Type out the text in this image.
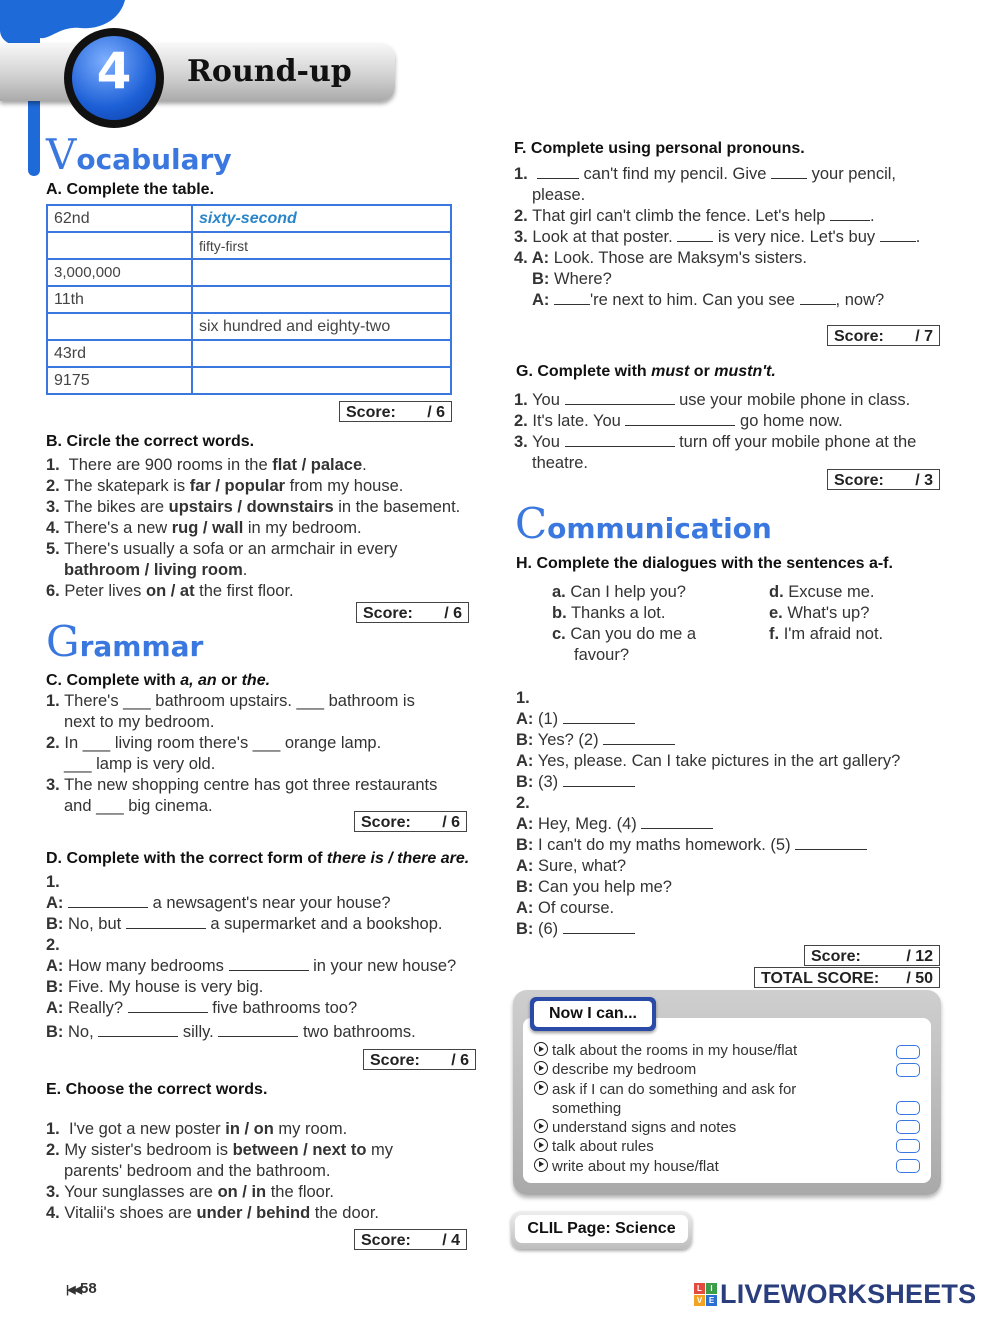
4	Round-up
Vocabulary
A. Complete the table.
62nd	sixty-second
	fifty-first
3,000,000	
11th	
	six hundred and eighty-two
43rd	
9175	
Score: / 6
B. Circle the correct words.
1. There are 900 rooms in the flat / palace.
2. The skatepark is far / popular from my house.
3. The bikes are upstairs / downstairs in the basement.
4. There's a new rug / wall in my bedroom.
5. There's usually a sofa or an armchair in every
bathroom / living room.
6. Peter lives on / at the first floor.
Score: / 6
Grammar
C. Complete with a, an or the.
1. There's ___ bathroom upstairs. ___ bathroom is
next to my bedroom.
2. In ___ living room there's ___ orange lamp.
___ lamp is very old.
3. The new shopping centre has got three restaurants
and ___ big cinema.
Score: / 6
D. Complete with the correct form of there is / there are.
1.
A:	a newsagent's near your house?
B: No, but	a supermarket and a bookshop.
2.
A: How many bedrooms	in your new house?
B: Five. My house is very big.
A: Really?	five bathrooms too?
B: No,	silly.	two bathrooms.
Score: / 6
E. Choose the correct words.
1. I've got a new poster in / on my room.
2. My sister's bedroom is between / next to my
parents' bedroom and the bathroom.
3. Your sunglasses are on / in the floor.
4. Vitalii's shoes are under / behind the door.
Score: / 4
|◀◀58
F. Complete using personal pronouns.
1.	can't find my pencil. Give	your pencil,
please.
2. That girl can't climb the fence. Let's help	.
3. Look at that poster.	is very nice. Let's buy .
4. A: Look. Those are Maksym's sisters.
B: Where?
A: 're next to him. Can you see , now?
Score: / 7
G. Complete with must or mustn't.
1. You	use your mobile phone in class.
2. It's late. You	go home now.
3. You	turn off your mobile phone at the
theatre.
Score: / 3
Communication
H. Complete the dialogues with the sentences a-f.
a. Can I help you?
b. Thanks a lot.
c. Can you do me a
favour?
d. Excuse me.
e. What's up?
f. I'm afraid not.
1.
A: (1)
B: Yes? (2)
A: Yes, please. Can I take pictures in the art gallery?
B: (3)
2.
A: Hey, Meg. (4)
B: I can't do my maths homework. (5)
A: Sure, what?
B: Can you help me?
A: Of course.
B: (6)
Score:	/ 12
TOTAL SCORE: / 50
Now I can...
talk about the rooms in my house/flat
describe my bedroom
ask if I can do something and ask for
something
understand signs and notes
talk about rules
write about my house/flat
CLIL Page: Science
L	I
V E LIVEWORKSHEETS
